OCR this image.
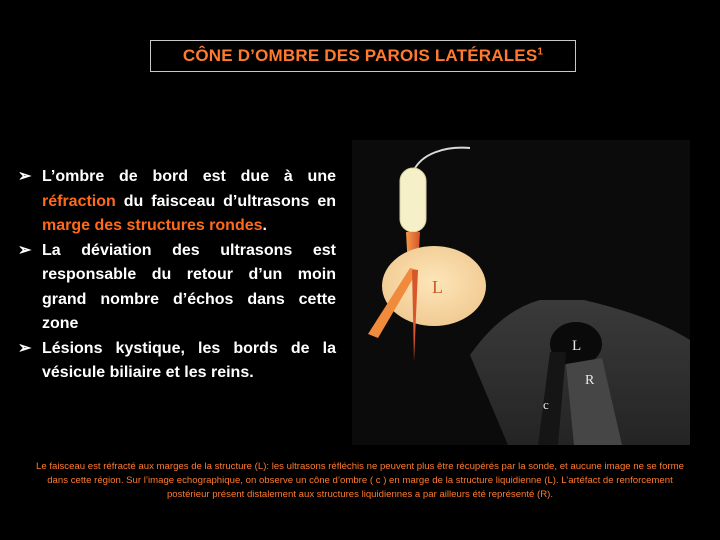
CÔNE D’OMBRE DES PAROIS LATÉRALES$^1$
➢ L’ombre de bord est due à une réfraction du faisceau d’ultrasons en marge des structures rondes.
➢ La déviation des ultrasons est responsable du retour d’un moin grand nombre d’échos dans cette zone
➢ Lésions kystique, les bords de la vésicule biliaire et les reins.
L
L
R
c
Le faisceau est réfracté aux marges de la structure (L): les ultrasons réfléchis ne peuvent plus être récupérés par la sonde, et aucune image ne se forme dans cette région. Sur l’image echographique, on observe un cône d’ombre ( c ) en marge de la structure liquidienne (L). L’artéfact de renforcement postérieur présent distalement aux structures liquidiennes a par ailleurs été représenté (R).
